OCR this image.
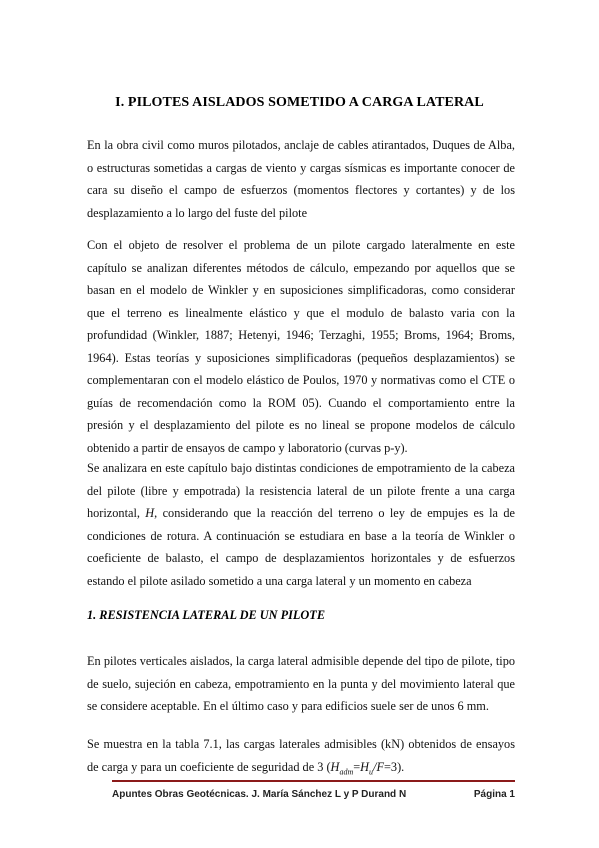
I. PILOTES AISLADOS SOMETIDO A CARGA LATERAL
En la obra civil como muros pilotados, anclaje de cables atirantados, Duques de Alba, o estructuras sometidas a cargas de viento y cargas sísmicas es importante conocer de cara su diseño el campo de esfuerzos (momentos flectores y cortantes) y de los desplazamiento a lo largo del fuste del pilote
Con el objeto de resolver el problema de un pilote cargado lateralmente en este capítulo se analizan diferentes métodos de cálculo, empezando por aquellos que se basan en el modelo de Winkler y en suposiciones simplificadoras, como considerar que el terreno es linealmente elástico y que el modulo de balasto varia con la profundidad (Winkler, 1887; Hetenyi, 1946; Terzaghi, 1955; Broms, 1964; Broms, 1964). Estas teorías y suposiciones simplificadoras (pequeños desplazamientos) se complementaran con el modelo elástico de Poulos, 1970 y normativas como el CTE o guías de recomendación como la ROM 05). Cuando el comportamiento entre la presión y el desplazamiento del pilote es no lineal se propone modelos de cálculo obtenido a partir de ensayos de campo y laboratorio (curvas p-y).
Se analizara en este capítulo bajo distintas condiciones de empotramiento de la cabeza del pilote (libre y empotrada) la resistencia lateral de un pilote frente a una carga horizontal, H, considerando que la reacción del terreno o ley de empujes es la de condiciones de rotura. A continuación se estudiara en base a la teoría de Winkler o coeficiente de balasto, el campo de desplazamientos horizontales y de esfuerzos estando el pilote asilado sometido a una carga lateral y un momento en cabeza
1. RESISTENCIA LATERAL DE UN PILOTE
En pilotes verticales aislados, la carga lateral admisible depende del tipo de pilote, tipo de suelo, sujeción en cabeza, empotramiento en la punta y del movimiento lateral que se considere aceptable. En el último caso y para edificios suele ser de unos 6 mm.
Se muestra en la tabla 7.1, las cargas laterales admisibles (kN) obtenidos de ensayos de carga y para un coeficiente de seguridad de 3 $(H_{adm}=H_u/F=3)$.
Apuntes Obras Geotécnicas. J. María Sánchez L y P Durand N	Página 1
